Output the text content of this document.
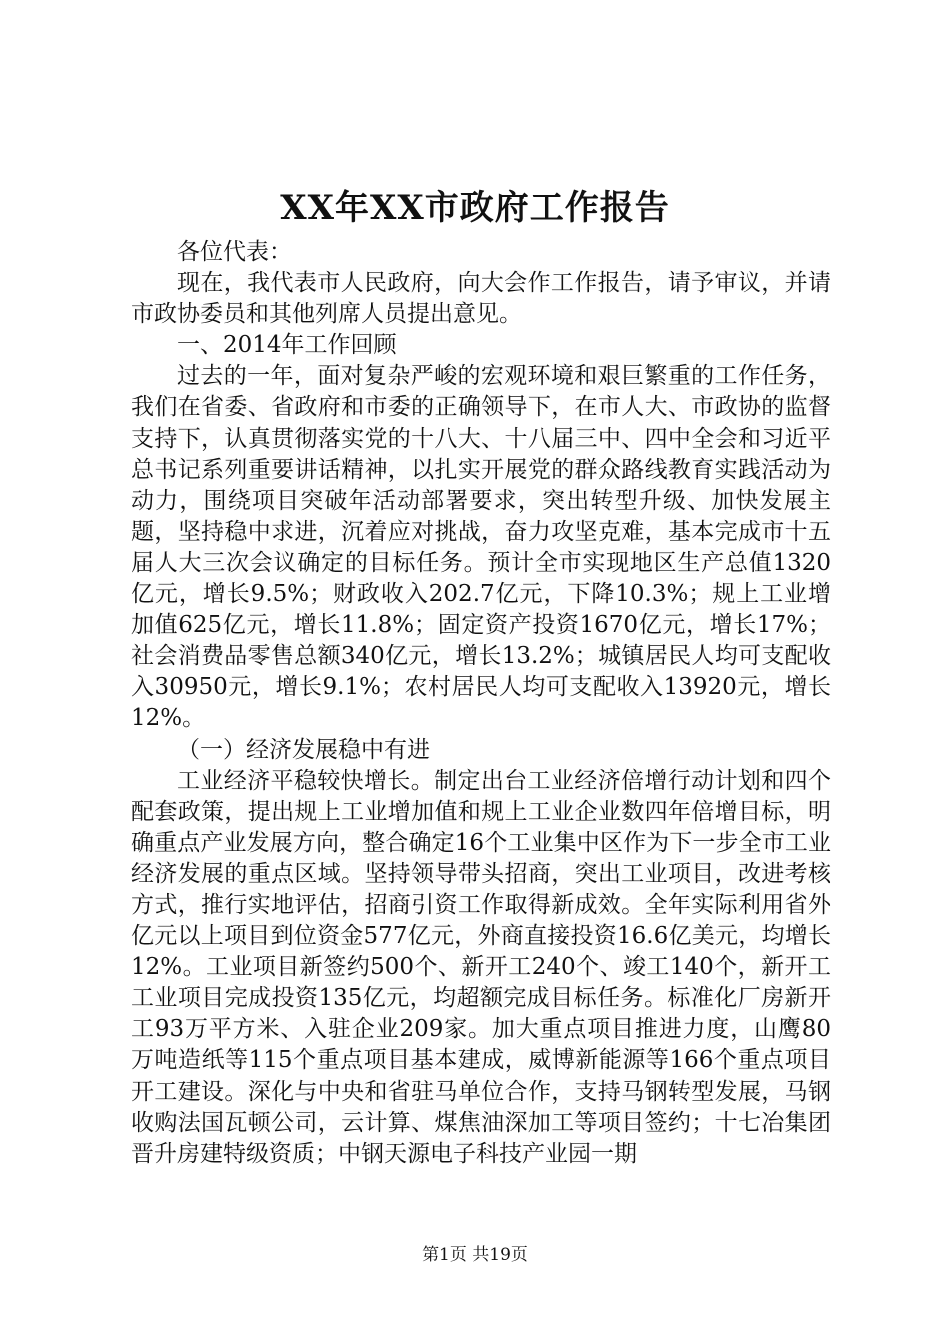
XX年XX市政府工作报告

各位代表：

现在，我代表市人民政府，向大会作工作报告，请予审议，并请市政协委员和其他列席人员提出意见。

一、2014年工作回顾

过去的一年，面对复杂严峻的宏观环境和艰巨繁重的工作任务，我们在省委、省政府和市委的正确领导下，在市人大、市政协的监督支持下，认真贯彻落实党的十八大、十八届三中、四中全会和习近平总书记系列重要讲话精神，以扎实开展党的群众路线教育实践活动为动力，围绕项目突破年活动部署要求，突出转型升级、加快发展主题，坚持稳中求进，沉着应对挑战，奋力攻坚克难，基本完成市十五届人大三次会议确定的目标任务。预计全市实现地区生产总值1320亿元，增长9.5%；财政收入202.7亿元，下降10.3%；规上工业增加值625亿元，增长11.8%；固定资产投资1670亿元，增长17%；社会消费品零售总额340亿元，增长13.2%；城镇居民人均可支配收入30950元，增长9.1%；农村居民人均可支配收入13920元，增长12%。

（一）经济发展稳中有进

工业经济平稳较快增长。制定出台工业经济倍增行动计划和四个配套政策，提出规上工业增加值和规上工业企业数四年倍增目标，明确重点产业发展方向，整合确定16个工业集中区作为下一步全市工业经济发展的重点区域。坚持领导带头招商，突出工业项目，改进考核方式，推行实地评估，招商引资工作取得新成效。全年实际利用省外亿元以上项目到位资金577亿元，外商直接投资16.6亿美元，均增长12%。工业项目新签约500个、新开工240个、竣工140个，新开工工业项目完成投资135亿元，均超额完成目标任务。标准化厂房新开工93万平方米、入驻企业209家。加大重点项目推进力度，山鹰80万吨造纸等115个重点项目基本建成，威博新能源等166个重点项目开工建设。深化与中央和省驻马单位合作，支持马钢转型发展，马钢收购法国瓦顿公司，云计算、煤焦油深加工等项目签约；十七冶集团晋升房建特级资质；中钢天源电子科技产业园一期

第1页 共19页
